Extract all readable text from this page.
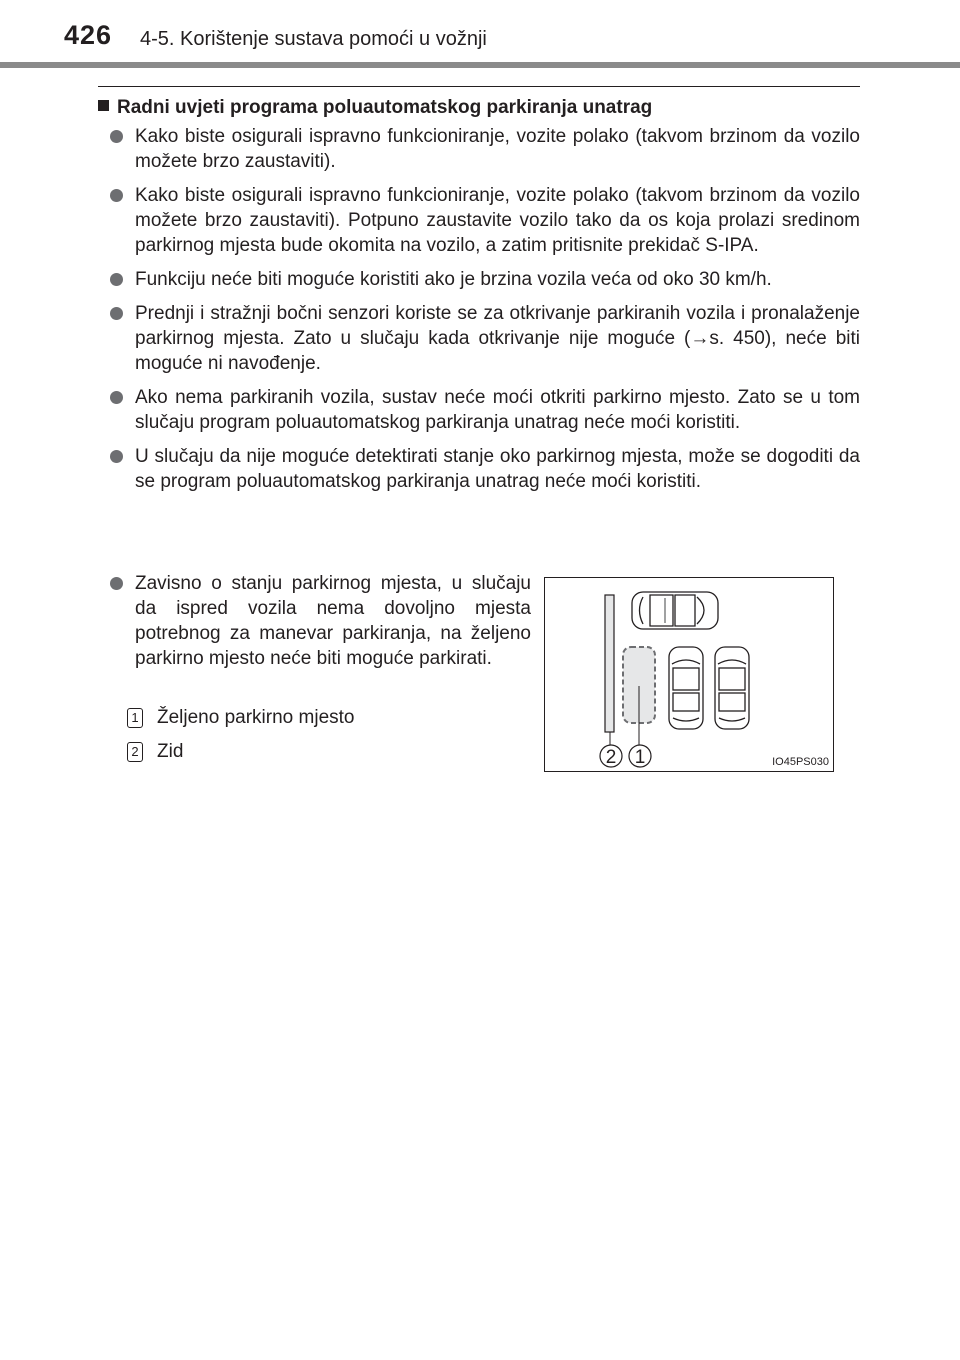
426 4-5. Korištenje sustava pomoći u vožnji
Radni uvjeti programa poluautomatskog parkiranja unatrag
Kako biste osigurali ispravno funkcioniranje, vozite polako (takvom brzinom da vozilo možete brzo zaustaviti).
Kako biste osigurali ispravno funkcioniranje, vozite polako (takvom brzinom da vozilo možete brzo zaustaviti). Potpuno zaustavite vozilo tako da os koja prolazi sredinom parkirnog mjesta bude okomita na vozilo, a zatim pritisnite prekidač S-IPA.
Funkciju neće biti moguće koristiti ako je brzina vozila veća od oko 30 km/h.
Prednji i stražnji bočni senzori koriste se za otkrivanje parkiranih vozila i pronalaženje parkirnog mjesta. Zato u slučaju kada otkrivanje nije moguće (→s. 450), neće biti moguće ni navođenje.
Ako nema parkiranih vozila, sustav neće moći otkriti parkirno mjesto. Zato se u tom slučaju program poluautomatskog parkiranja unatrag neće moći koristiti.
U slučaju da nije moguće detektirati stanje oko parkirnog mjesta, može se dogoditi da se program poluautomatskog parkiranja unatrag neće moći koristiti.
Zavisno o stanju parkirnog mjesta, u slučaju da ispred vozila nema dovoljno mjesta potrebnog za manevar parkiranja, na željeno parkirno mjesto neće biti moguće parkirati.
1 Željeno parkirno mjesto
2 Zid	2 1	IO45PS030
